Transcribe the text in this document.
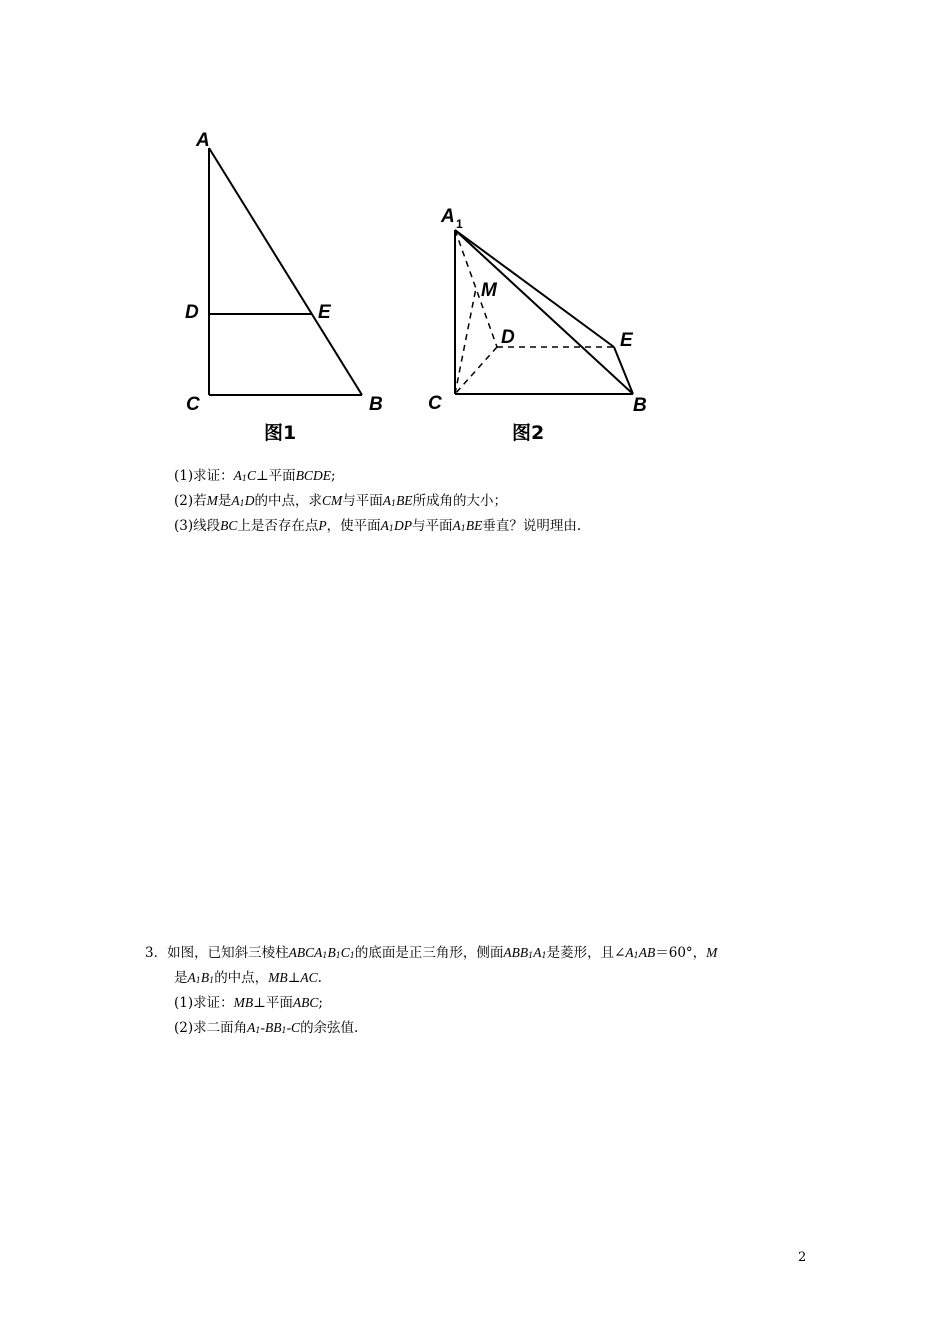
A
D	E
C	B
图1
A 1
M
D	E
C	B
图2
(1)求证：$A_1C\perp$平面BCDE;
(2)若M是$A_1D$的中点，求CM与平面$A_1BE$所成角的大小；
(3)线段BC上是否存在点P，使平面$A_1DP$与平面$A_1BE$垂直？说明理由.
3．如图，已知斜三棱柱$ABCA_1B_1C_1$的底面是正三角形，侧面$ABB_1A_1$是菱形，且$\angle A_1AB=60^\circ$，M
是$A_1B_1$的中点，MB⊥AC.
(1)求证：MB⊥平面ABC;
(2)求二面角$A_1-BB_1-C$的余弦值.
2
